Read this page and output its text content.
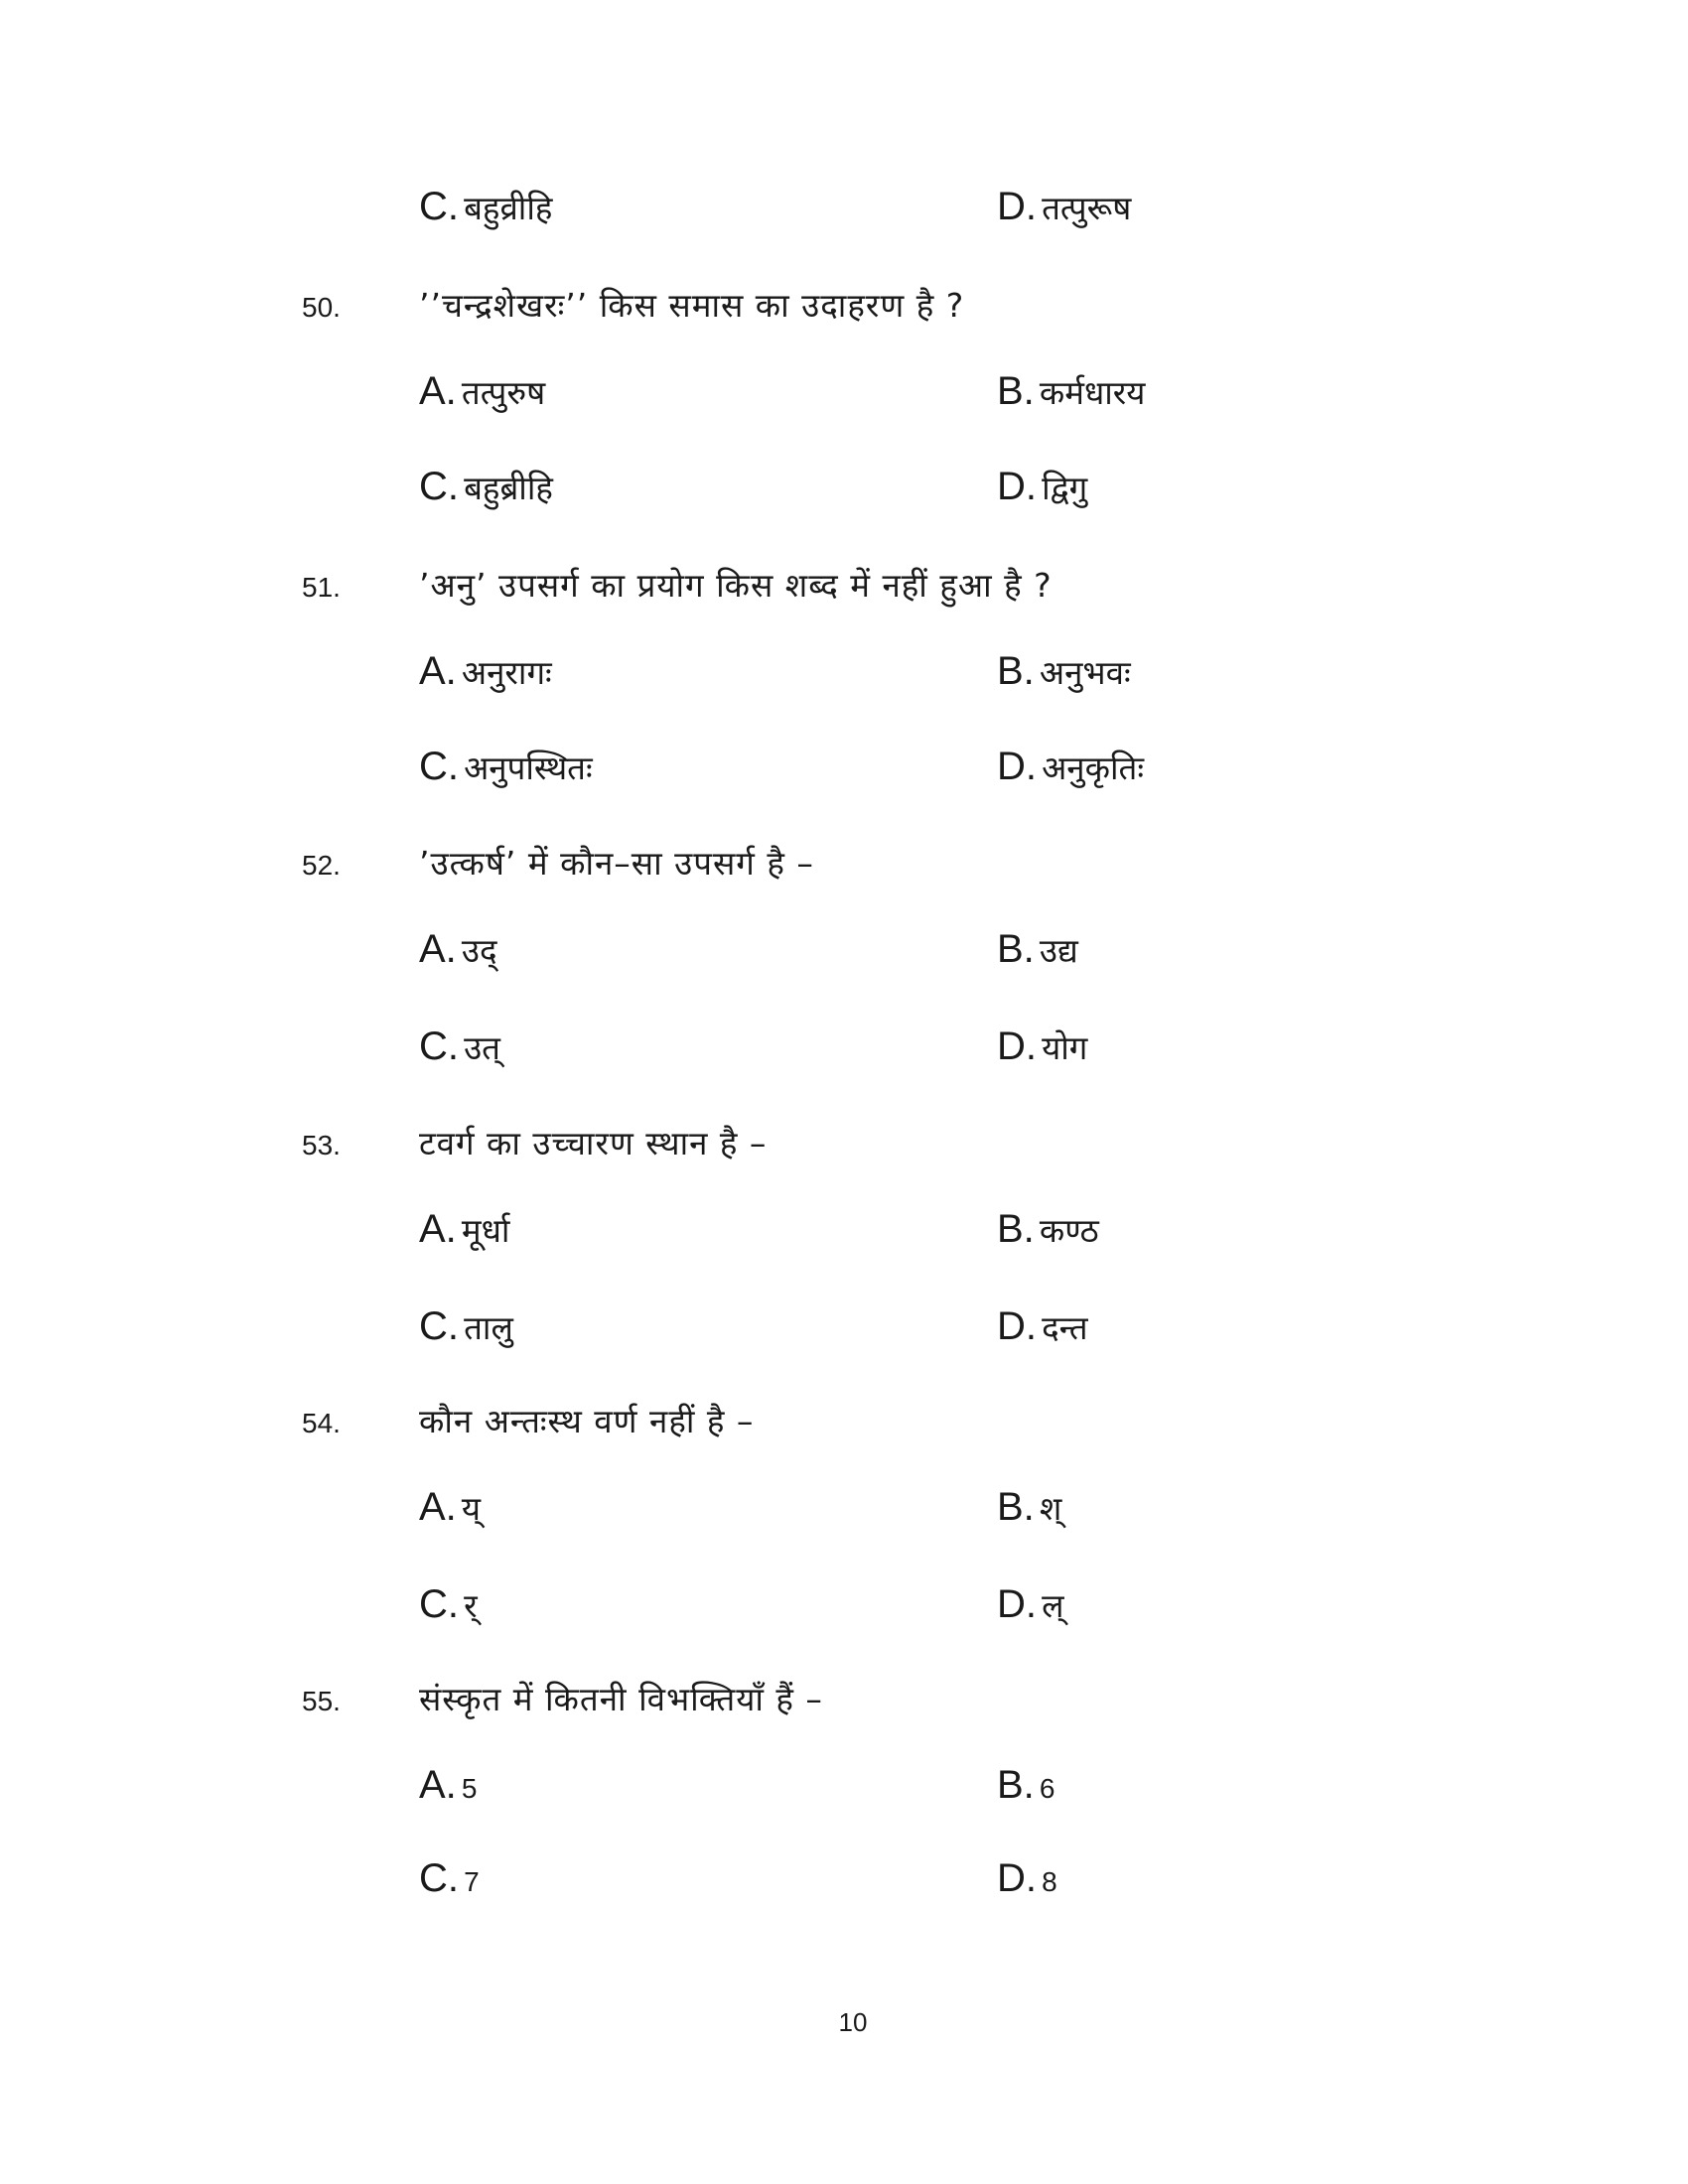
C. बहुव्रीहि	D. तत्पुरूष
50. ’’चन्द्रशेखरः’’ किस समास का उदाहरण है ?
A. तत्पुरुष	B. कर्मधारय
C. बहुब्रीहि	D. द्विगु
51. ’अनु’ उपसर्ग का प्रयोग किस शब्द में नहीं हुआ है ?
A. अनुरागः	B. अनुभवः
C. अनुपस्थितः	D. अनुकृतिः
52. ’उत्कर्ष’ में कौन–सा उपसर्ग है –
A. उद्	B. उद्य
C. उत्	D. योग
53. टवर्ग का उच्चारण स्थान है –
A. मूर्धा	B. कण्ठ
C. तालु	D. दन्त
54. कौन अन्तःस्थ वर्ण नहीं है –
A. य्	B. श्
C. र्	D. ल्
55. संस्कृत में कितनी विभक्तियाँ हैं –
A. 5	B. 6
C. 7	D. 8
10
